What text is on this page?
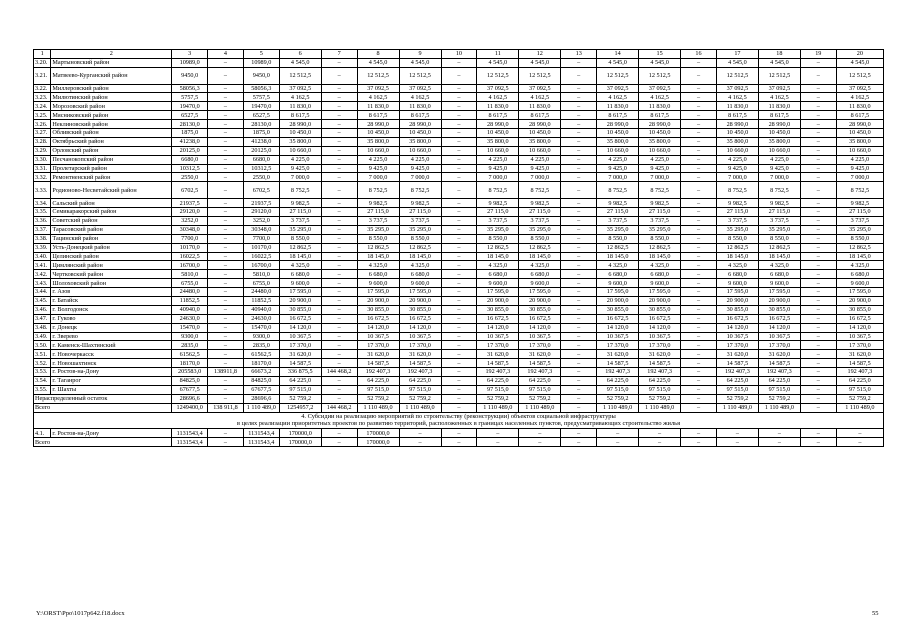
1	2	3	4	5	6	7	8	9	10	11	12	13	14	15	16	17	18	19	20
3.20.	Мартыновский район	10989,0	–	10989,0	4 545,0	–	4 545,0	4 545,0	–	4 545,0	4 545,0	–	4 545,0	4 545,0	–	4 545,0	4 545,0	–	4 545,0
3.21.	Матвеево-Курганский район	9450,0	–	9450,0	12 512,5	–	12 512,5	12 512,5	–	12 512,5	12 512,5	–	12 512,5	12 512,5	–	12 512,5	12 512,5	–	12 512,5
3.22.	Миллеровский район	58056,3	–	58056,3	37 092,5	–	37 092,5	37 092,5	–	37 092,5	37 092,5	–	37 092,5	37 092,5	–	37 092,5	37 092,5	–	37 092,5
3.23.	Милютинский район	5757,5	–	5757,5	4 162,5	–	4 162,5	4 162,5	–	4 162,5	4 162,5	–	4 162,5	4 162,5	–	4 162,5	4 162,5	–	4 162,5
3.24.	Морозовский район	19470,0	–	19470,0	11 830,0	–	11 830,0	11 830,0	–	11 830,0	11 830,0	–	11 830,0	11 830,0	–	11 830,0	11 830,0	–	11 830,0
3.25.	Мясниковский район	6527,5	–	6527,5	8 617,5	–	8 617,5	8 617,5	–	8 617,5	8 617,5	–	8 617,5	8 617,5	–	8 617,5	8 617,5	–	8 617,5
3.26.	Неклиновский район	28130,0	–	28130,0	28 990,0	–	28 990,0	28 990,0	–	28 990,0	28 990,0	–	28 990,0	28 990,0	–	28 990,0	28 990,0	–	28 990,0
3.27.	Обливский район	1875,0	–	1875,0	10 450,0	–	10 450,0	10 450,0	–	10 450,0	10 450,0	–	10 450,0	10 450,0	–	10 450,0	10 450,0	–	10 450,0
3.28.	Октябрьский район	41238,0	–	41238,0	35 800,0	–	35 800,0	35 800,0	–	35 800,0	35 800,0	–	35 800,0	35 800,0	–	35 800,0	35 800,0	–	35 800,0
3.29.	Орловский район	20125,0	–	20125,0	10 660,0	–	10 660,0	10 660,0	–	10 660,0	10 660,0	–	10 660,0	10 660,0	–	10 660,0	10 660,0	–	10 660,0
3.30.	Песчанокопский район	6680,0	–	6680,0	4 225,0	–	4 225,0	4 225,0	–	4 225,0	4 225,0	–	4 225,0	4 225,0	–	4 225,0	4 225,0	–	4 225,0
3.31.	Пролетарский район	10312,5	–	10312,5	9 425,0	–	9 425,0	9 425,0	–	9 425,0	9 425,0	–	9 425,0	9 425,0	–	9 425,0	9 425,0	–	9 425,0
3.32.	Ремонтненский район	2550,0	–	2550,0	7 000,0	–	7 000,0	7 000,0	–	7 000,0	7 000,0	–	7 000,0	7 000,0	–	7 000,0	7 000,0	–	7 000,0
3.33.	Родионово-Несветайский район	6702,5	–	6702,5	8 752,5	–	8 752,5	8 752,5	–	8 752,5	8 752,5	–	8 752,5	8 752,5	–	8 752,5	8 752,5	–	8 752,5
3.34.	Сальский район	21937,5	–	21937,5	9 982,5	–	9 982,5	9 982,5	–	9 982,5	9 982,5	–	9 982,5	9 982,5	–	9 982,5	9 982,5	–	9 982,5
3.35.	Семикаракорский район	29120,0	–	29120,0	27 115,0	–	27 115,0	27 115,0	–	27 115,0	27 115,0	–	27 115,0	27 115,0	–	27 115,0	27 115,0	–	27 115,0
3.36.	Советский район	3252,0	–	3252,0	3 737,5	–	3 737,5	3 737,5	–	3 737,5	3 737,5	–	3 737,5	3 737,5	–	3 737,5	3 737,5	–	3 737,5
3.37.	Тарасовский район	30348,0	–	30348,0	35 295,0	–	35 295,0	35 295,0	–	35 295,0	35 295,0	–	35 295,0	35 295,0	–	35 295,0	35 295,0	–	35 295,0
3.38.	Тацинский район	7700,0	–	7700,0	8 550,0	–	8 550,0	8 550,0	–	8 550,0	8 550,0	–	8 550,0	8 550,0	–	8 550,0	8 550,0	–	8 550,0
3.39.	Усть-Донецкий район	10170,0	–	10170,0	12 862,5	–	12 862,5	12 862,5	–	12 862,5	12 862,5	–	12 862,5	12 862,5	–	12 862,5	12 862,5	–	12 862,5
3.40.	Целинский район	16022,5	–	16022,5	18 145,0	–	18 145,0	18 145,0	–	18 145,0	18 145,0	–	18 145,0	18 145,0	–	18 145,0	18 145,0	–	18 145,0
3.41.	Цимлянский район	16700,0	–	16700,0	4 325,0	–	4 325,0	4 325,0	–	4 325,0	4 325,0	–	4 325,0	4 325,0	–	4 325,0	4 325,0	–	4 325,0
3.42.	Чертковский район	5810,0	–	5810,0	6 680,0	–	6 680,0	6 680,0	–	6 680,0	6 680,0	–	6 680,0	6 680,0	–	6 680,0	6 680,0	–	6 680,0
3.43.	Шолоховский район	6755,0	–	6755,0	9 600,0	–	9 600,0	9 600,0	–	9 600,0	9 600,0	–	9 600,0	9 600,0	–	9 600,0	9 600,0	–	9 600,0
3.44.	г. Азов	24480,0	–	24480,0	17 595,0	–	17 595,0	17 595,0	–	17 595,0	17 595,0	–	17 595,0	17 595,0	–	17 595,0	17 595,0	–	17 595,0
3.45.	г. Батайск	11852,5	–	11852,5	20 900,0	–	20 900,0	20 900,0	–	20 900,0	20 900,0	–	20 900,0	20 900,0	–	20 900,0	20 900,0	–	20 900,0
3.46.	г. Волгодонск	40940,0	–	40940,0	30 855,0	–	30 855,0	30 855,0	–	30 855,0	30 855,0	–	30 855,0	30 855,0	–	30 855,0	30 855,0	–	30 855,0
3.47.	г. Гуково	24630,0	–	24630,0	16 672,5	–	16 672,5	16 672,5	–	16 672,5	16 672,5	–	16 672,5	16 672,5	–	16 672,5	16 672,5	–	16 672,5
3.48.	г. Донецк	15470,0	–	15470,0	14 120,0	–	14 120,0	14 120,0	–	14 120,0	14 120,0	–	14 120,0	14 120,0	–	14 120,0	14 120,0	–	14 120,0
3.49.	г. Зверево	9300,0	–	9300,0	10 367,5	–	10 367,5	10 367,5	–	10 367,5	10 367,5	–	10 367,5	10 367,5	–	10 367,5	10 367,5	–	10 367,5
3.50.	г. Каменск-Шахтинский	2835,0	–	2835,0	17 370,0	–	17 370,0	17 370,0	–	17 370,0	17 370,0	–	17 370,0	17 370,0	–	17 370,0	17 370,0	–	17 370,0
3.51.	г. Новочеркасск	61562,5	–	61562,5	31 620,0	–	31 620,0	31 620,0	–	31 620,0	31 620,0	–	31 620,0	31 620,0	–	31 620,0	31 620,0	–	31 620,0
3.52.	г. Новошахтинск	18170,0	–	18170,0	14 587,5	–	14 587,5	14 587,5	–	14 587,5	14 587,5	–	14 587,5	14 587,5	–	14 587,5	14 587,5	–	14 587,5
3.53.	г. Ростов-на-Дону	205583,0	138911,8	66673,2	336 875,5	144 468,2	192 407,3	192 407,3	–	192 407,3	192 407,3	–	192 407,3	192 407,3	–	192 407,3	192 407,3	–	192 407,3
3.54.	г. Таганрог	84825,0	–	84825,0	64 225,0	–	64 225,0	64 225,0	–	64 225,0	64 225,0	–	64 225,0	64 225,0	–	64 225,0	64 225,0	–	64 225,0
3.55.	г. Шахты	67677,5	–	67677,5	97 515,0	–	97 515,0	97 515,0	–	97 515,0	97 515,0	–	97 515,0	97 515,0	–	97 515,0	97 515,0	–	97 515,0
Нераспределенный остаток		28696,6	–	28696,6	52 759,2	–	52 759,2	52 759,2	–	52 759,2	52 759,2	–	52 759,2	52 759,2	–	52 759,2	52 759,2	–	52 759,2
Всего		1249400,0	138 911,8	1 110 489,0	1254957,2	144 468,2	1 110 489,0	1 110 489,0	–	1 110 489,0	1 110 489,0	–	1 110 489,0	1 110 489,0	–	1 110 489,0	1 110 489,0	–	1 110 489,0

4. Субсидии на реализацию мероприятий по строительству (реконструкции) объектов социальной инфраструктуры
в целях реализации приоритетных проектов по развитию территорий, расположенных в границах населенных пунктов, предусматривающих строительство жилья																			

4.1.	г. Ростов-на-Дону	1131543,4	–	1131543,4	170000,0	–	170000,0	–	–	–	–	–	–	–	–	–	–	–	–
Всего		1131543,4	–	1131543,4	170000,0	–	170000,0	–	–	–	–	–	–	–	–	–	–	–	–
Y:\ORST\Ppo\1017p642.f18.docx	55
